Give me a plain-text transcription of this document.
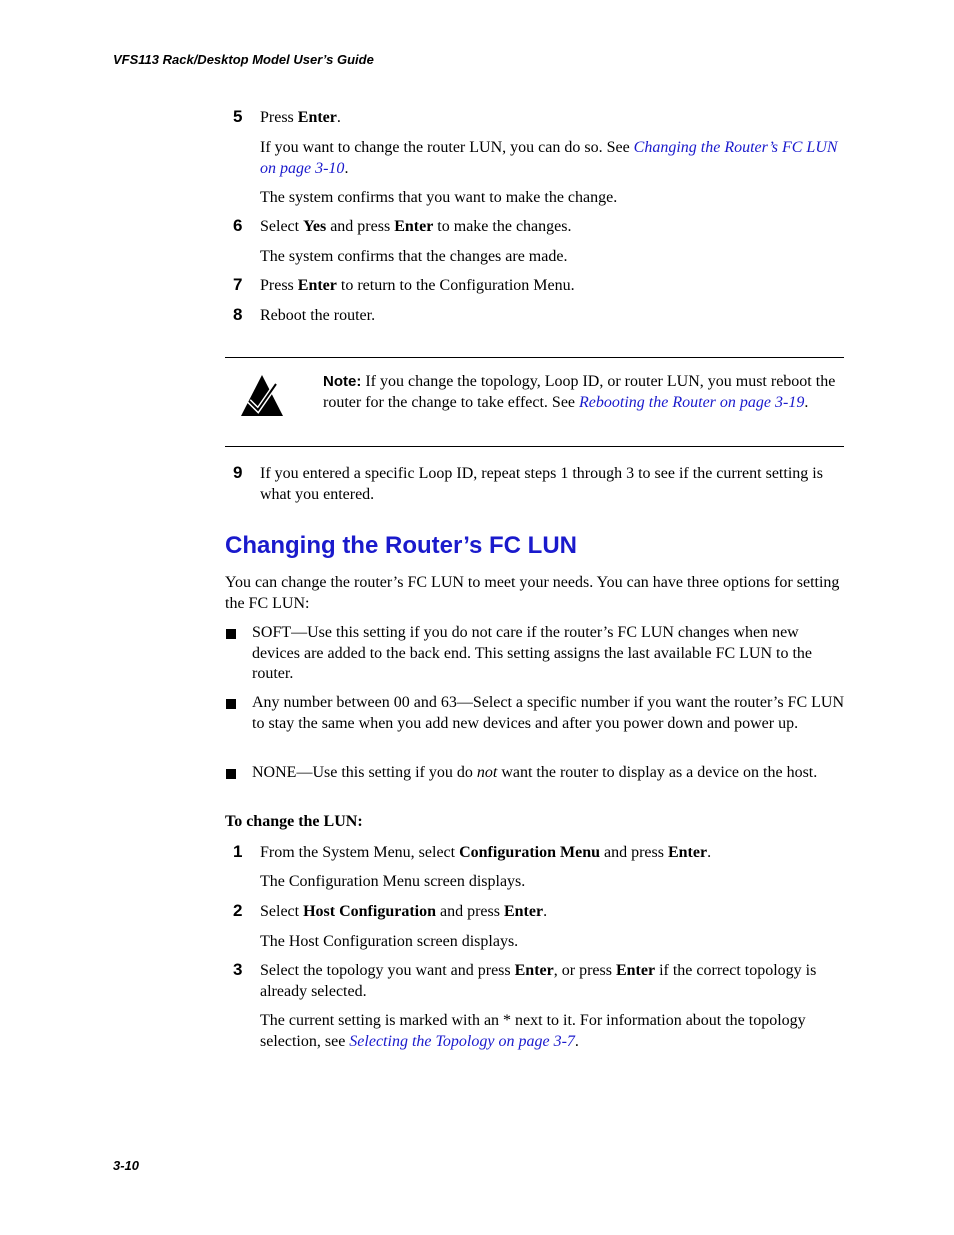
VFS113 Rack/Desktop Model User’s Guide
5 Press Enter.
If you want to change the router LUN, you can do so. See Changing the Router’s FC LUN on page 3-10.
The system confirms that you want to make the change.
6 Select Yes and press Enter to make the changes.
The system confirms that the changes are made.
7 Press Enter to return to the Configuration Menu.
8 Reboot the router.
Note: If you change the topology, Loop ID, or router LUN, you must reboot the router for the change to take effect. See Rebooting the Router on page 3-19.
9 If you entered a specific Loop ID, repeat steps 1 through 3 to see if the current setting is what you entered.
Changing the Router’s FC LUN
You can change the router’s FC LUN to meet your needs. You can have three options for setting the FC LUN:
SOFT—Use this setting if you do not care if the router’s FC LUN changes when new devices are added to the back end. This setting assigns the last available FC LUN to the router.
Any number between 00 and 63—Select a specific number if you want the router’s FC LUN to stay the same when you add new devices and after you power down and power up.
NONE—Use this setting if you do not want the router to display as a device on the host.
To change the LUN:
1 From the System Menu, select Configuration Menu and press Enter.
The Configuration Menu screen displays.
2 Select Host Configuration and press Enter.
The Host Configuration screen displays.
3 Select the topology you want and press Enter, or press Enter if the correct topology is already selected.
The current setting is marked with an * next to it. For information about the topology selection, see Selecting the Topology on page 3-7.
3-10
